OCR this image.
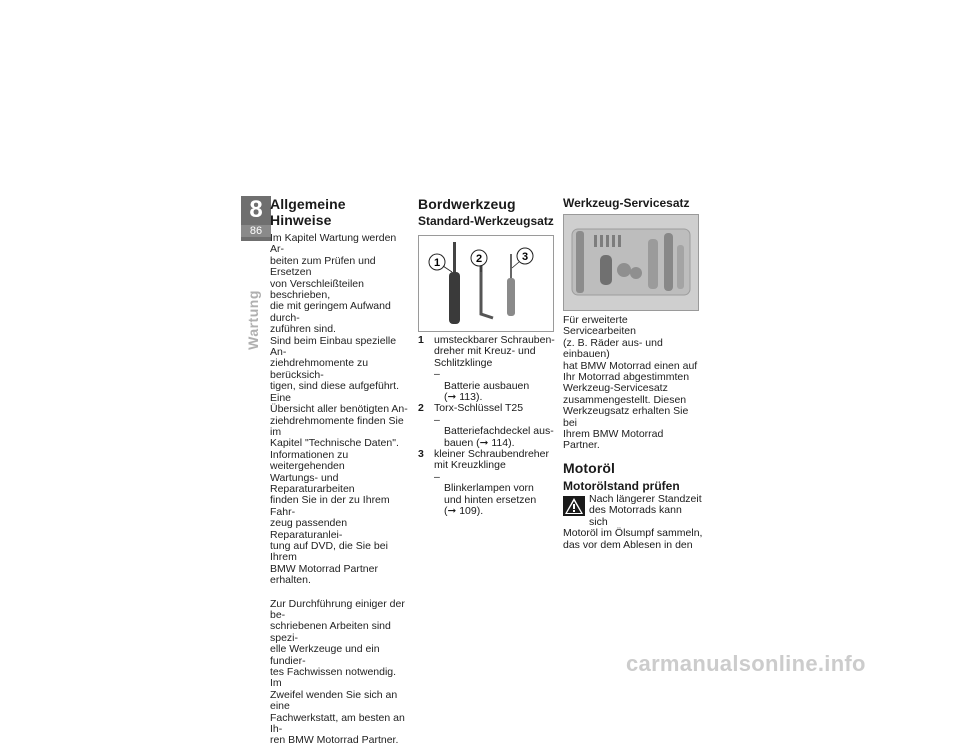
8
86
Wartung
Allgemeine Hinweise

Im Kapitel Wartung werden Ar-
beiten zum Prüfen und Ersetzen
von Verschleißteilen beschrieben,
die mit geringem Aufwand durch-
zuführen sind.
Sind beim Einbau spezielle An-
ziehdrehmomente zu berücksich-
tigen, sind diese aufgeführt. Eine
Übersicht aller benötigten An-
ziehdrehmomente finden Sie im
Kapitel "Technische Daten".
Informationen zu weitergehenden
Wartungs- und Reparaturarbeiten
finden Sie in der zu Ihrem Fahr-
zeug passenden Reparaturanlei-
tung auf DVD, die Sie bei Ihrem
BMW Motorrad Partner erhalten.

Zur Durchführung einiger der be-
schriebenen Arbeiten sind spezi-
elle Werkzeuge und ein fundier-
tes Fachwissen notwendig. Im
Zweifel wenden Sie sich an eine
Fachwerkstatt, am besten an Ih-
ren BMW Motorrad Partner.

Bordwerkzeug
Standard-Werkzeugsatz
1	2	3
1 umsteckbarer Schrauben-
dreher mit Kreuz- und
Schlitzklinge

–
Batterie ausbauen
(➞ 113).

2 Torx-Schlüssel T25

–
Batteriefachdeckel aus-
bauen (➞ 114).

3 kleiner Schraubendreher
mit Kreuzklinge

–
Blinkerlampen vorn
und hinten ersetzen
(➞ 109).

Werkzeug-Servicesatz

Für erweiterte Servicearbeiten
(z. B. Räder aus- und einbauen)
hat BMW Motorrad einen auf
Ihr Motorrad abgestimmten
Werkzeug-Servicesatz
zusammengestellt. Diesen
Werkzeugsatz erhalten Sie bei
Ihrem BMW Motorrad Partner.

Motoröl
Motorölstand prüfen
Nach längerer Standzeit
des Motorrads kann sich
Motoröl im Ölsumpf sammeln,
das vor dem Ablesen in den
carmanualsonline.info
